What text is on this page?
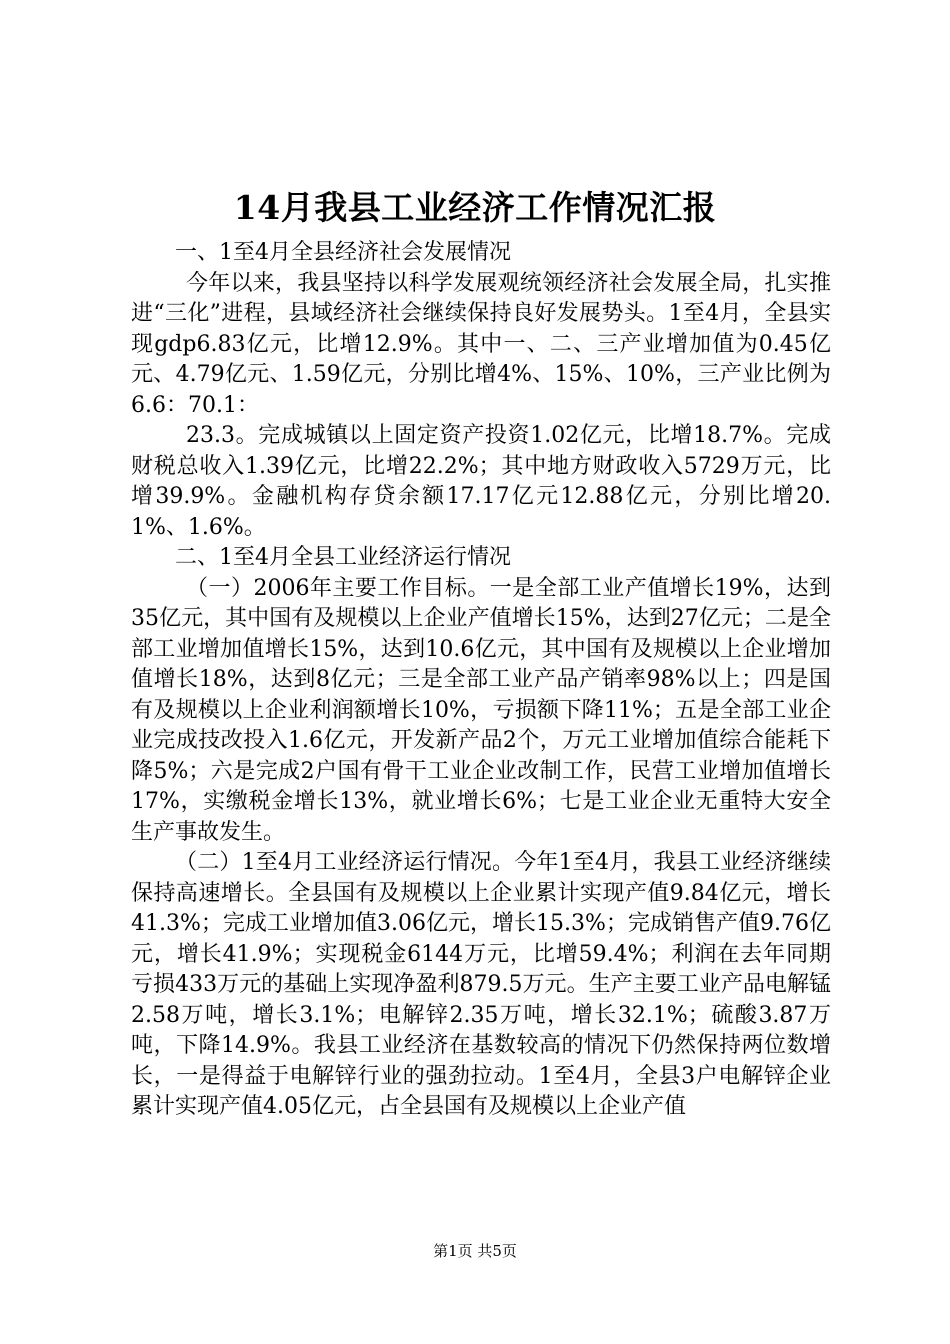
14月我县工业经济工作情况汇报

一、1至4月全县经济社会发展情况

今年以来，我县坚持以科学发展观统领经济社会发展全局，扎实推进“三化”进程，县域经济社会继续保持良好发展势头。1至4月，全县实现gdp6.83亿元，比增12.9%。其中一、二、三产业增加值为0.45亿元、4.79亿元、1.59亿元，分别比增4%、15%、10%，三产业比例为6.6：70.1：

23.3。完成城镇以上固定资产投资1.02亿元，比增18.7%。完成财税总收入1.39亿元，比增22.2%；其中地方财政收入5729万元，比增39.9%。金融机构存贷余额17.17亿元12.88亿元，分别比增20.1%、1.6%。

二、1至4月全县工业经济运行情况

（一）2006年主要工作目标。一是全部工业产值增长19%，达到35亿元，其中国有及规模以上企业产值增长15%，达到27亿元；二是全部工业增加值增长15%，达到10.6亿元，其中国有及规模以上企业增加值增长18%，达到8亿元；三是全部工业产品产销率98%以上；四是国有及规模以上企业利润额增长10%，亏损额下降11%；五是全部工业企业完成技改投入1.6亿元，开发新产品2个，万元工业增加值综合能耗下降5%；六是完成2户国有骨干工业企业改制工作，民营工业增加值增长17%，实缴税金增长13%，就业增长6%；七是工业企业无重特大安全生产事故发生。

（二）1至4月工业经济运行情况。今年1至4月，我县工业经济继续保持高速增长。全县国有及规模以上企业累计实现产值9.84亿元，增长41.3%；完成工业增加值3.06亿元，增长15.3%；完成销售产值9.76亿元，增长41.9%；实现税金6144万元，比增59.4%；利润在去年同期亏损433万元的基础上实现净盈利879.5万元。生产主要工业产品电解锰2.58万吨，增长3.1%；电解锌2.35万吨，增长32.1%；硫酸3.87万吨，下降14.9%。我县工业经济在基数较高的情况下仍然保持两位数增长，一是得益于电解锌行业的强劲拉动。1至4月，全县3户电解锌企业累计实现产值4.05亿元，占全县国有及规模以上企业产值

第1页 共5页
